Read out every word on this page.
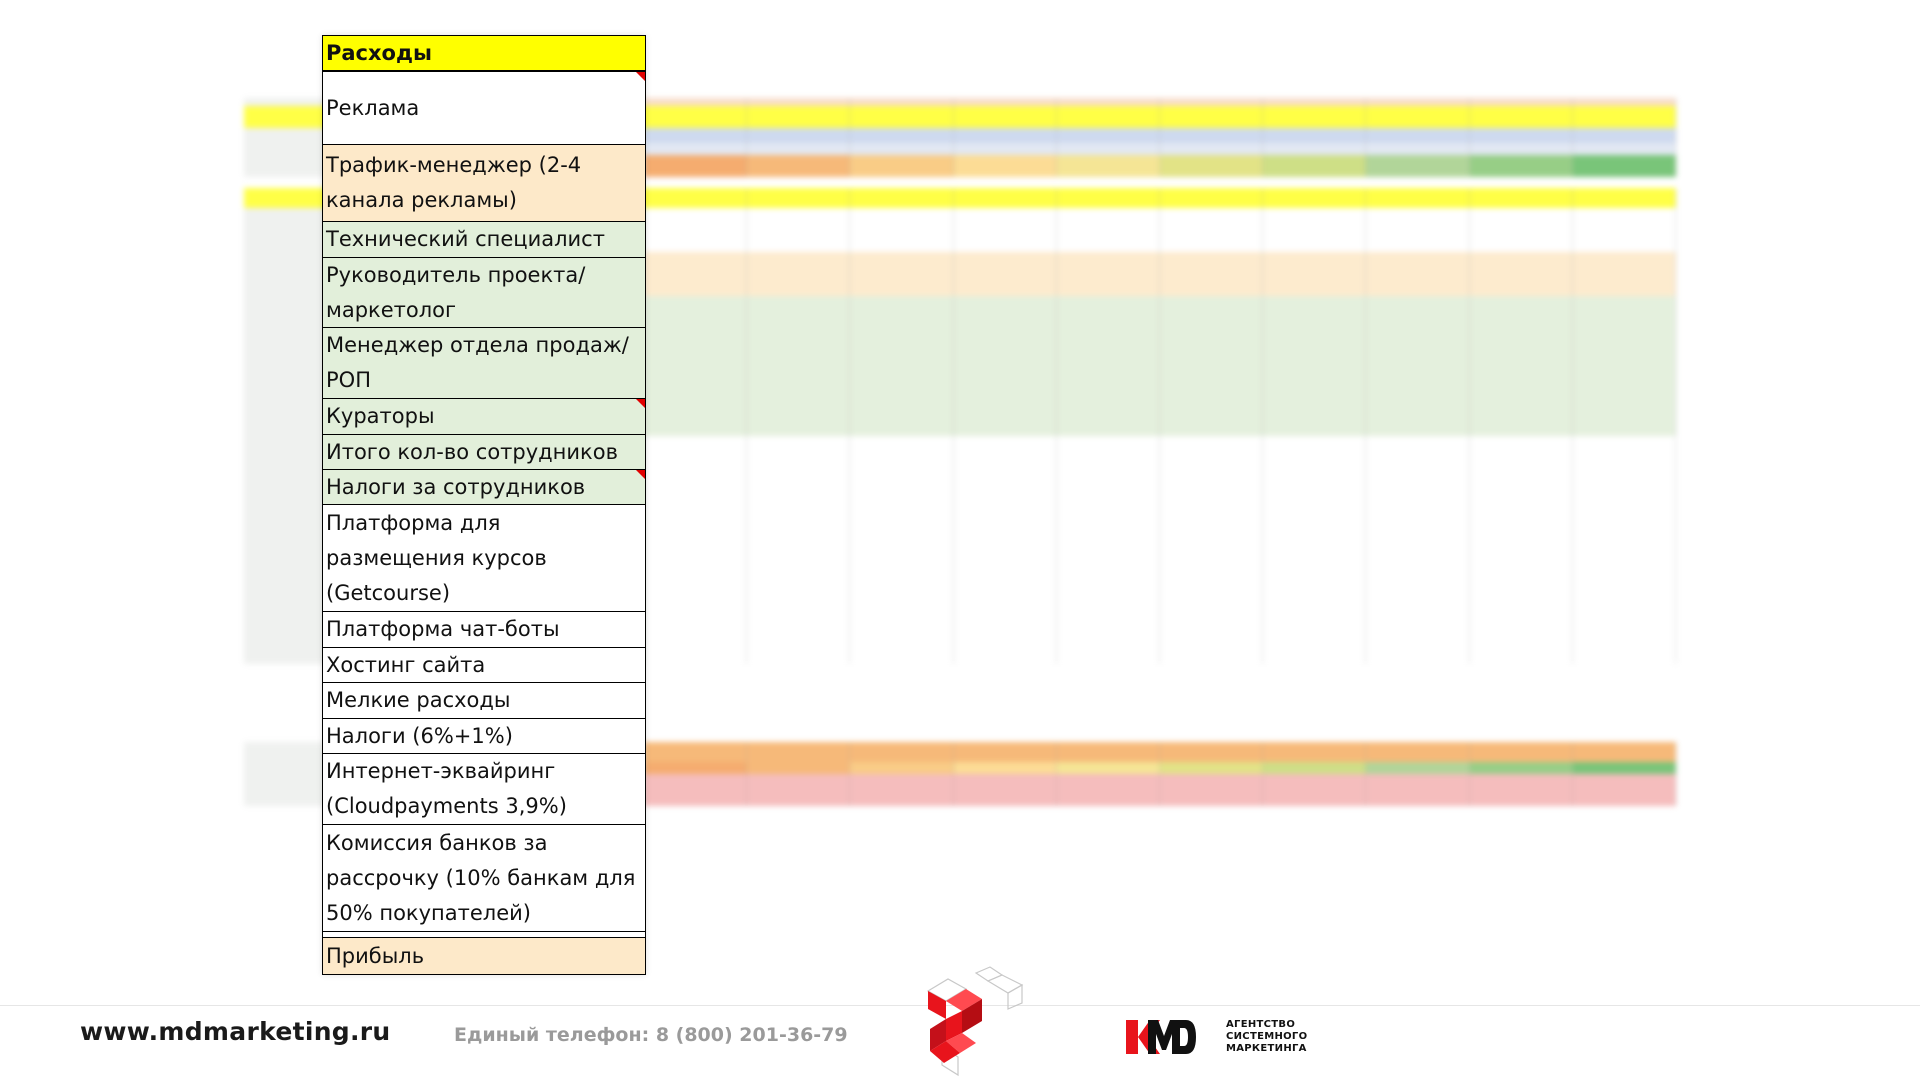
Расходы
Реклама
Трафик-менеджер (2-4 канала рекламы)
Технический специалист
Руководитель проекта/маркетолог
Менеджер отдела продаж/ РОП
Кураторы
Итого кол-во сотрудников
Налоги за сотрудников
Платформа для размещения курсов (Getcourse)
Платформа чат-боты
Хостинг сайта
Мелкие расходы
Налоги (6%+1%)
Интернет-эквайринг (Cloudpayments 3,9%)
Комиссия банков за рассрочку (10% банкам для 50% покупателей)
Прибыль
www.mdmarketing.ru	Единый телефон: 8 (800) 201-36-79	АГЕНТСТВО
СИСТЕМНОГО
МАРКЕТИНГА
